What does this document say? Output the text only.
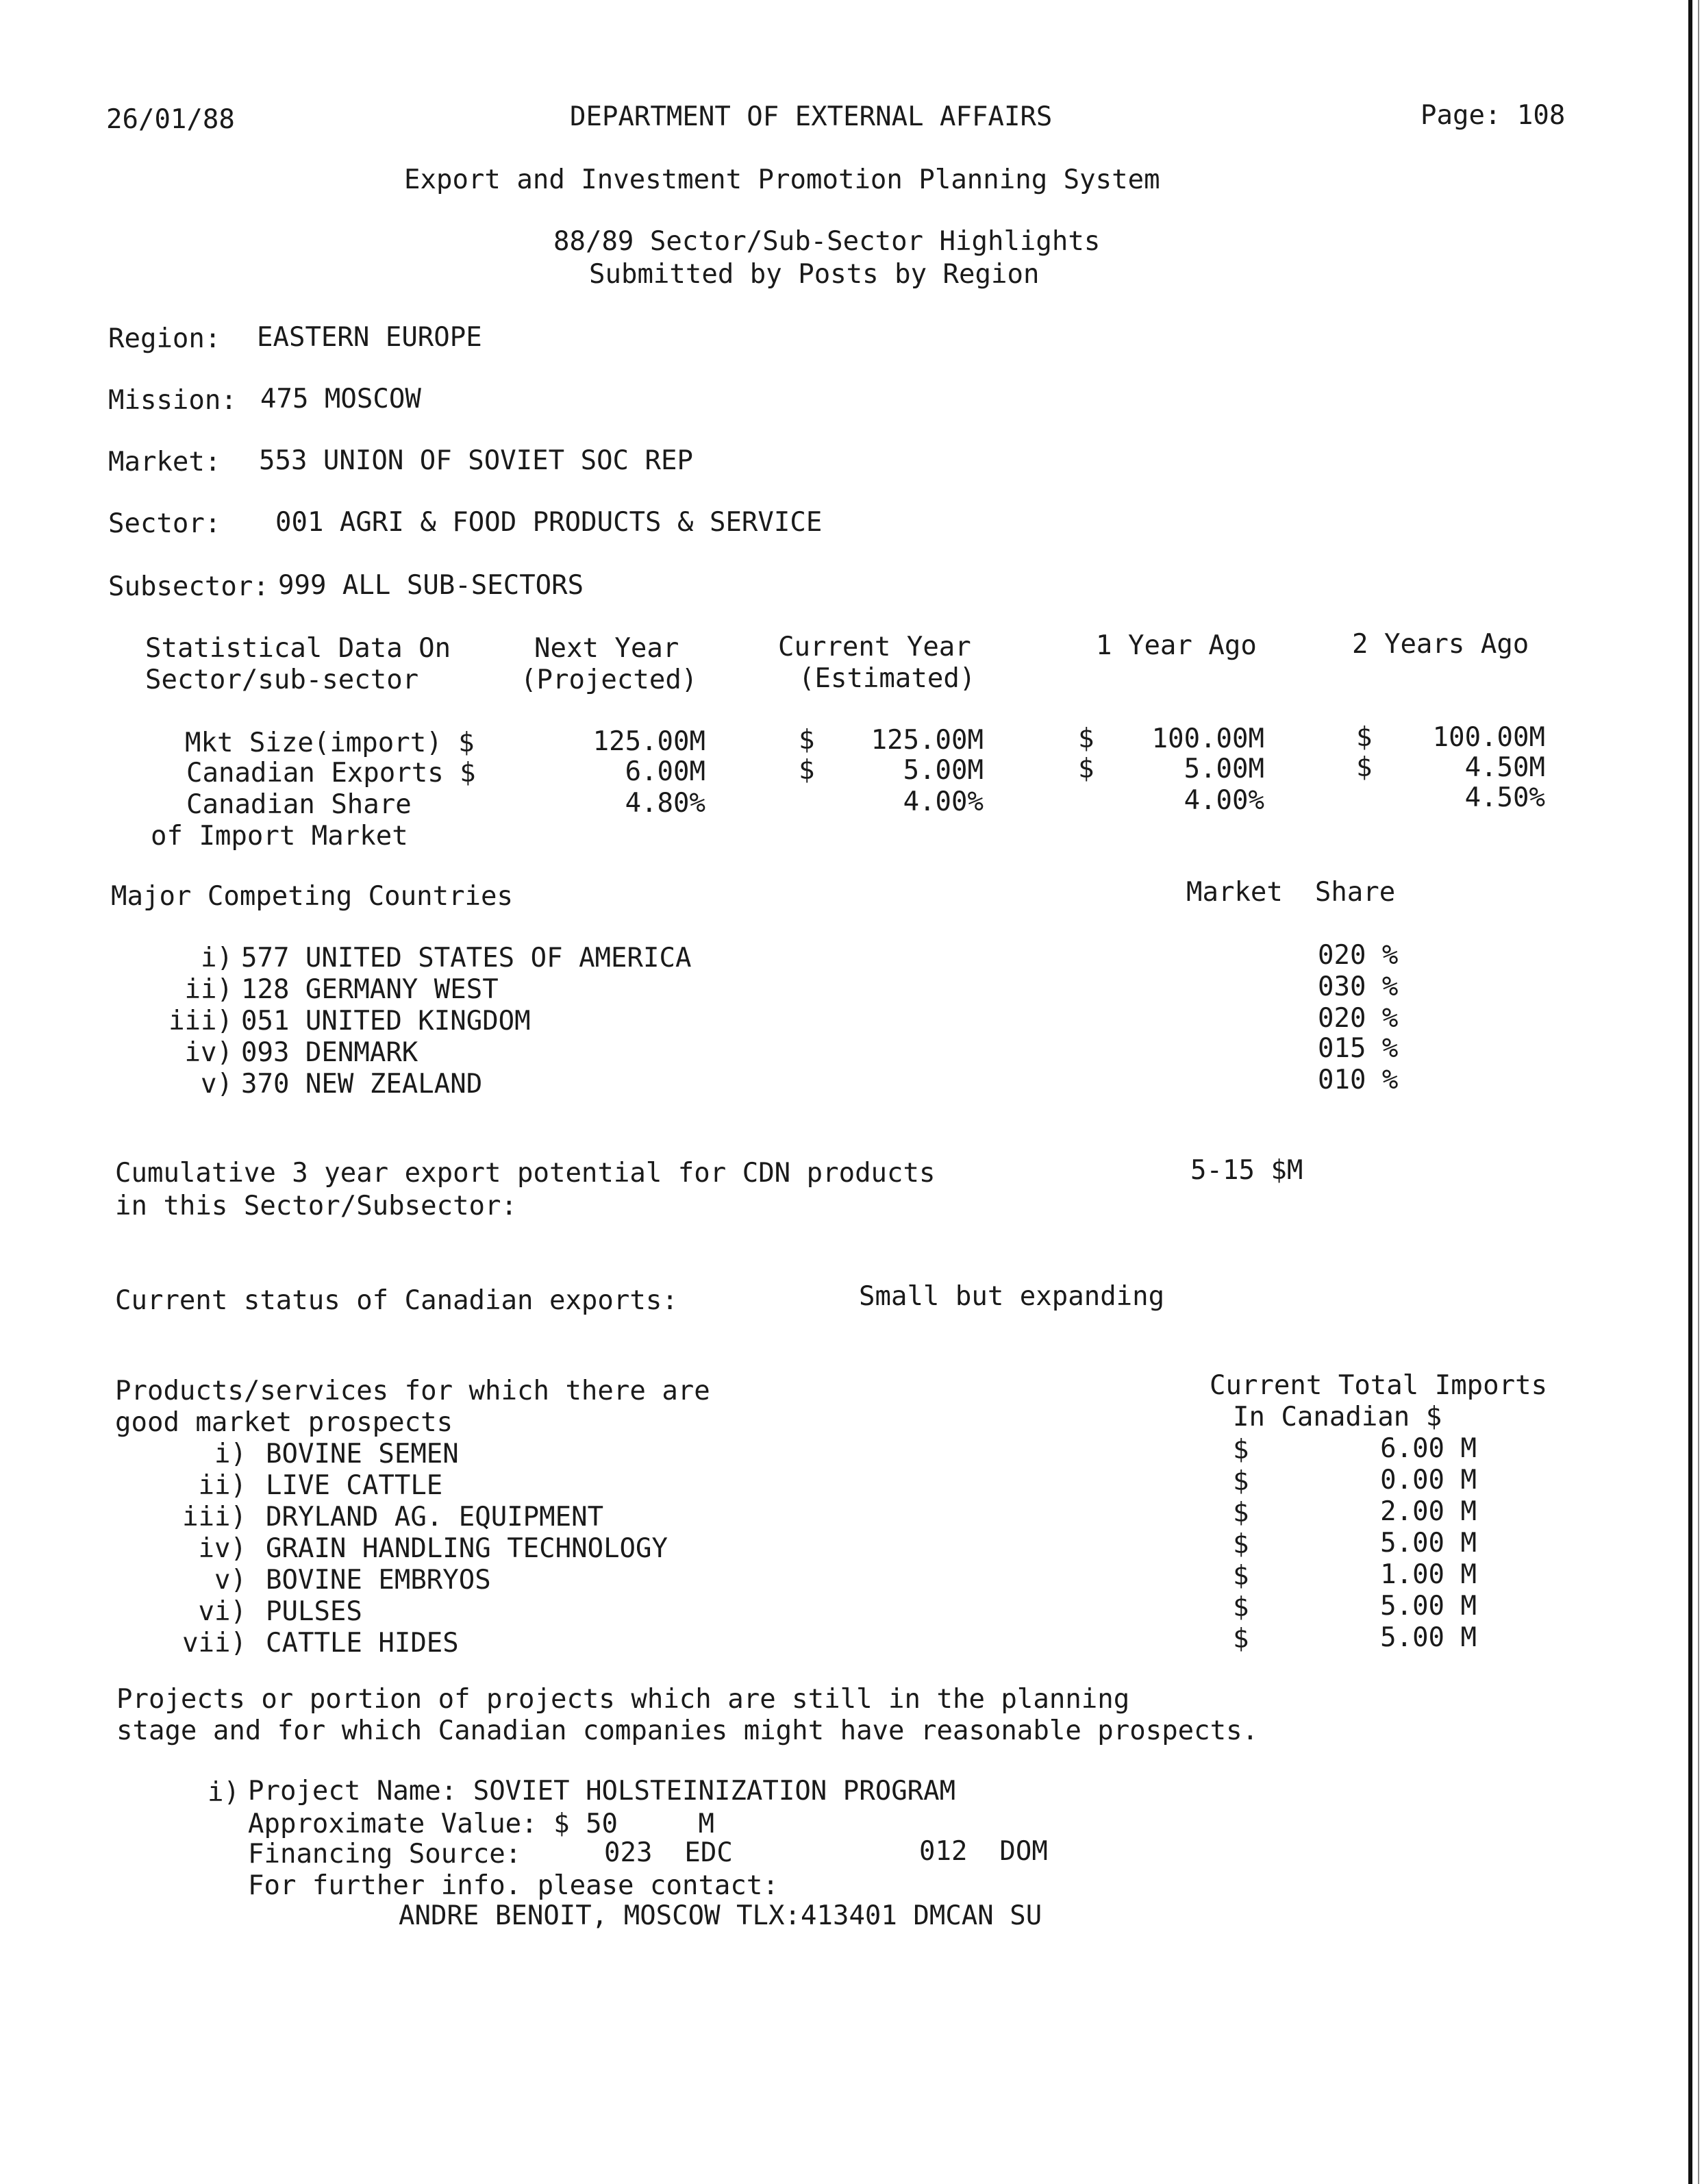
26/01/88	DEPARTMENT OF EXTERNAL AFFAIRS	Page: 108
Export and Investment Promotion Planning System
88/89 Sector/Sub-Sector Highlights
Submitted by Posts by Region
Region: EASTERN EUROPE
Mission: 475 MOSCOW
Market: 553 UNION OF SOVIET SOC REP
Sector: 001 AGRI & FOOD PRODUCTS & SERVICE
Subsector: 999 ALL SUB-SECTORS
Statistical Data On
Sector/sub-sector
Next Year
(Projected)
Current Year
(Estimated)
1 Year Ago	2 Years Ago
Mkt Size(import) $	125.00M	$	125.00M	$	100.00M	$	100.00M
Canadian Exports $	6.00M	$	5.00M	$	5.00M	$	4.50M
Canadian Share	4.80%	4.00%	4.00%	4.50%
of Import Market
Major Competing Countries	Market  Share
i) 577 UNITED STATES OF AMERICA	020 %
ii) 128 GERMANY WEST	030 %
iii) 051 UNITED KINGDOM	020 %
iv) 093 DENMARK	015 %
v) 370 NEW ZEALAND	010 %
Cumulative 3 year export potential for CDN products
in this Sector/Subsector:
5-15 $M
Current status of Canadian exports:	Small but expanding
Products/services for which there are
good market prospects
Current Total Imports
In Canadian $
i) BOVINE SEMEN	$	6.00 M
ii) LIVE CATTLE	$	0.00 M
iii) DRYLAND AG. EQUIPMENT	$	2.00 M
iv) GRAIN HANDLING TECHNOLOGY	$	5.00 M
v) BOVINE EMBRYOS	$	1.00 M
vi) PULSES	$	5.00 M
vii) CATTLE HIDES	$	5.00 M
Projects or portion of projects which are still in the planning
stage and for which Canadian companies might have reasonable prospects.
i) Project Name: SOVIET HOLSTEINIZATION PROGRAM
Approximate Value: $ 50     M
Financing Source:	023  EDC	012  DOM
For further info. please contact:
ANDRE BENOIT, MOSCOW TLX:413401 DMCAN SU
